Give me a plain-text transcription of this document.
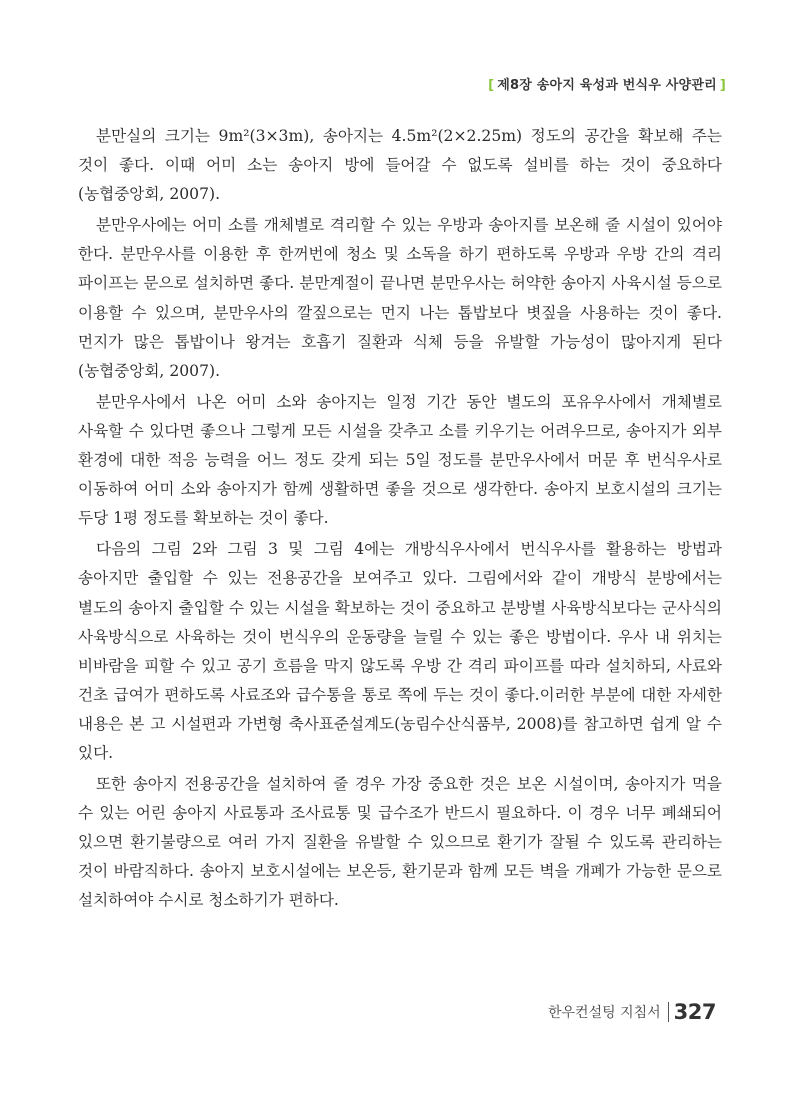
[ 제8장 송아지 육성과 번식우 사양관리 ]

분만실의 크기는 9m²(3×3m), 송아지는 4.5m²(2×2.25m) 정도의 공간을 확보해 주는 것이 좋다. 이때 어미 소는 송아지 방에 들어갈 수 없도록 설비를 하는 것이 중요하다(농협중앙회, 2007).

분만우사에는 어미 소를 개체별로 격리할 수 있는 우방과 송아지를 보온해 줄 시설이 있어야 한다. 분만우사를 이용한 후 한꺼번에 청소 및 소독을 하기 편하도록 우방과 우방 간의 격리 파이프는 문으로 설치하면 좋다. 분만계절이 끝나면 분만우사는 허약한 송아지 사육시설 등으로 이용할 수 있으며, 분만우사의 깔짚으로는 먼지 나는 톱밥보다 볏짚을 사용하는 것이 좋다. 먼지가 많은 톱밥이나 왕겨는 호흡기 질환과 식체 등을 유발할 가능성이 많아지게 된다(농협중앙회, 2007).

분만우사에서 나온 어미 소와 송아지는 일정 기간 동안 별도의 포유우사에서 개체별로 사육할 수 있다면 좋으나 그렇게 모든 시설을 갖추고 소를 키우기는 어려우므로, 송아지가 외부 환경에 대한 적응 능력을 어느 정도 갖게 되는 5일 정도를 분만우사에서 머문 후 번식우사로 이동하여 어미 소와 송아지가 함께 생활하면 좋을 것으로 생각한다. 송아지 보호시설의 크기는 두당 1평 정도를 확보하는 것이 좋다.

다음의 그림 2와 그림 3 및 그림 4에는 개방식우사에서 번식우사를 활용하는 방법과 송아지만 출입할 수 있는 전용공간을 보여주고 있다. 그림에서와 같이 개방식 분방에서는 별도의 송아지 출입할 수 있는 시설을 확보하는 것이 중요하고 분방별 사육방식보다는 군사식의 사육방식으로 사육하는 것이 번식우의 운동량을 늘릴 수 있는 좋은 방법이다. 우사 내 위치는 비바람을 피할 수 있고 공기 흐름을 막지 않도록 우방 간 격리 파이프를 따라 설치하되, 사료와 건초 급여가 편하도록 사료조와 급수통을 통로 쪽에 두는 것이 좋다.이러한 부분에 대한 자세한 내용은 본 고 시설편과 가변형 축사표준설계도(농림수산식품부, 2008)를 참고하면 쉽게 알 수 있다.

또한 송아지 전용공간을 설치하여 줄 경우 가장 중요한 것은 보온 시설이며, 송아지가 먹을 수 있는 어린 송아지 사료통과 조사료통 및 급수조가 반드시 필요하다. 이 경우 너무 폐쇄되어 있으면 환기불량으로 여러 가지 질환을 유발할 수 있으므로 환기가 잘될 수 있도록 관리하는 것이 바람직하다. 송아지 보호시설에는 보온등, 환기문과 함께 모든 벽을 개폐가 가능한 문으로 설치하여야 수시로 청소하기가 편하다.

한우컨설팅 지침서 327
